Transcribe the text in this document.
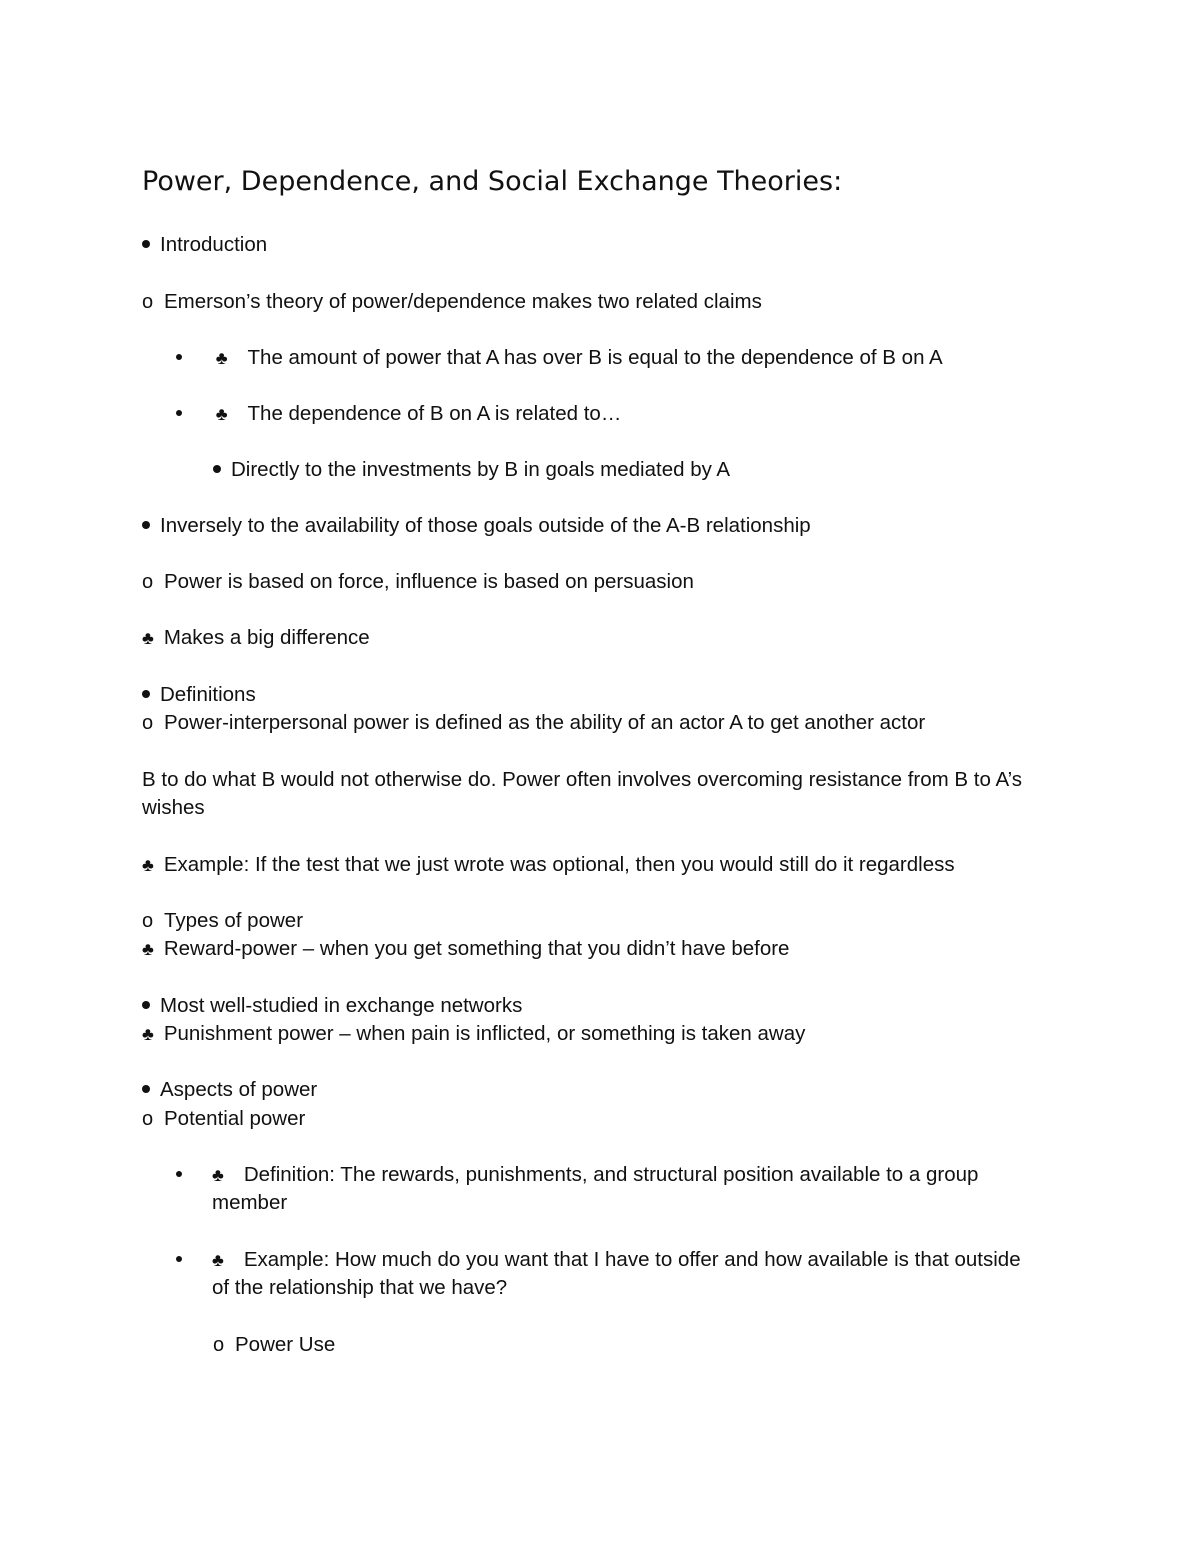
Power, Dependence, and Social Exchange Theories:
Introduction
o Emerson’s theory of power/dependence makes two related claims
♣ The amount of power that A has over B is equal to the dependence of B on A
♣ The dependence of B on A is related to…
Directly to the investments by B in goals mediated by A
Inversely to the availability of those goals outside of the A-B relationship
o Power is based on force, influence is based on persuasion
♣ Makes a big difference
Definitions
o Power-interpersonal power is defined as the ability of an actor A to get another actor
B to do what B would not otherwise do. Power often involves overcoming resistance from B to A’s wishes
♣ Example: If the test that we just wrote was optional, then you would still do it regardless
o Types of power
♣ Reward-power – when you get something that you didn’t have before
Most well-studied in exchange networks
♣ Punishment power – when pain is inflicted, or something is taken away
Aspects of power
o Potential power
♣ Definition: The rewards, punishments, and structural position available to a group member
♣ Example: How much do you want that I have to offer and how available is that outside of the relationship that we have?
o Power Use
